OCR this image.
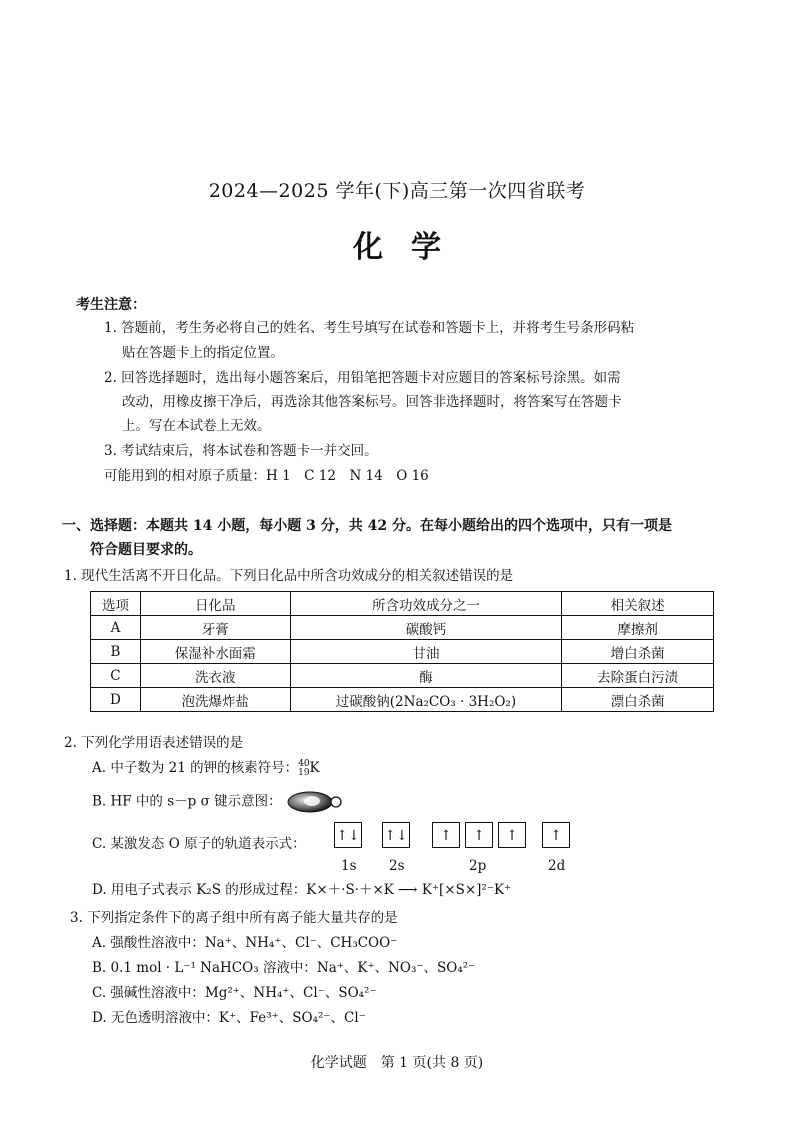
2024—2025 学年(下)高三第一次四省联考
化学
考生注意：
1. 答题前，考生务必将自己的姓名、考生号填写在试卷和答题卡上，并将考生号条形码粘
贴在答题卡上的指定位置。
2. 回答选择题时，选出每小题答案后，用铅笔把答题卡对应题目的答案标号涂黑。如需
改动，用橡皮擦干净后，再选涂其他答案标号。回答非选择题时，将答案写在答题卡
上。写在本试卷上无效。
3. 考试结束后，将本试卷和答题卡一并交回。
可能用到的相对原子质量：H 1　C 12　N 14　O 16
一、选择题：本题共 14 小题，每小题 3 分，共 42 分。在每小题给出的四个选项中，只有一项是
符合题目要求的。
1. 现代生活离不开日化品。下列日化品中所含功效成分的相关叙述错误的是
选项	日化品	所含功效成分之一	相关叙述
A	牙膏	碳酸钙	摩擦剂
B	保湿补水面霜	甘油	增白杀菌
C	洗衣液	酶	去除蛋白污渍
D	泡洗爆炸盐	过碳酸钠(2Na₂CO₃ · 3H₂O₂)	漂白杀菌
2. 下列化学用语表述错误的是
A. 中子数为 21 的钾的核素符号： 40
19 K
B. HF 中的 s－p σ 键示意图：
C. 某激发态 O 原子的轨道表示式： ↑↓ ↑↓	↑	↑	↑	↑
1s 2s	2p	2d
D. 用电子式表示 K₂S 的形成过程：K×＋·S·＋×K ⟶ K⁺[×S×]²⁻K⁺
3. 下列指定条件下的离子组中所有离子能大量共存的是
A. 强酸性溶液中：Na⁺、NH₄⁺、Cl⁻、CH₃COO⁻
B. 0.1 mol · L⁻¹ NaHCO₃ 溶液中：Na⁺、K⁺、NO₃⁻、SO₄²⁻
C. 强碱性溶液中：Mg²⁺、NH₄⁺、Cl⁻、SO₄²⁻
D. 无色透明溶液中：K⁺、Fe³⁺、SO₄²⁻、Cl⁻
化学试题　第 1 页(共 8 页)
